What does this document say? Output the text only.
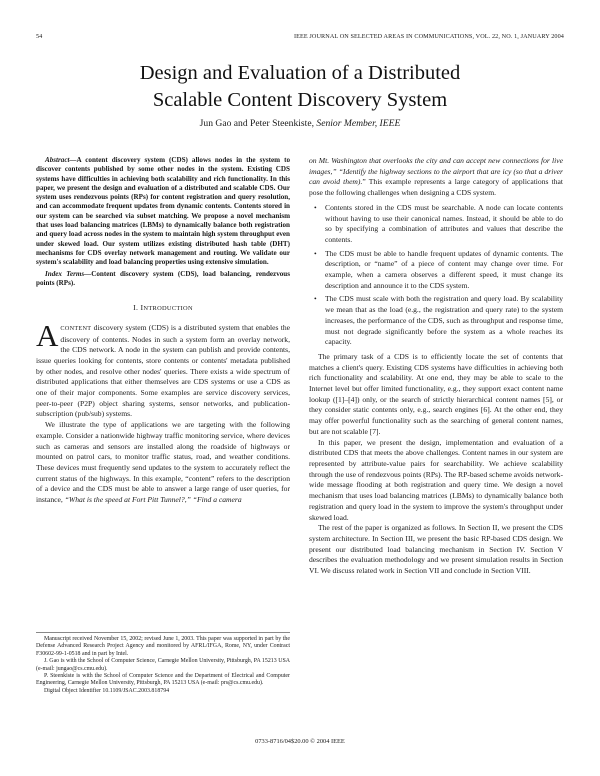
54	IEEE JOURNAL ON SELECTED AREAS IN COMMUNICATIONS, VOL. 22, NO. 1, JANUARY 2004
Design and Evaluation of a Distributed
Scalable Content Discovery System
Jun Gao and Peter Steenkiste, Senior Member, IEEE

Abstract—A content discovery system (CDS) allows nodes in the system to discover contents published by some other nodes in the system. Existing CDS systems have difficulties in achieving both scalability and rich functionality. In this paper, we present the design and evaluation of a distributed and scalable CDS. Our system uses rendezvous points (RPs) for content registration and query resolution, and can accommodate frequent updates from dynamic contents. Contents stored in our system can be searched via subset matching. We propose a novel mechanism that uses load balancing matrices (LBMs) to dynamically balance both registration and query load across nodes in the system to maintain high system throughput even under skewed load. Our system utilizes existing distributed hash table (DHT) mechanisms for CDS overlay network management and routing. We validate our system's scalability and load balancing properties using extensive simulation.

Index Terms—Content discovery system (CDS), load balancing, rendezvous points (RPs).

I. INTRODUCTION

ACONTENT discovery system (CDS) is a distributed system that enables the discovery of contents. Nodes in such a system form an overlay network, the CDS network. A node in the system can publish and provide contents, issue queries looking for contents, store contents or contents' metadata published by other nodes, and resolve other nodes' queries. There exists a wide spectrum of distributed applications that either themselves are CDS systems or use a CDS as one of their major components. Some examples are service discovery services, peer-to-peer (P2P) object sharing systems, sensor networks, and publication-subscription (pub/sub) systems.

We illustrate the type of applications we are targeting with the following example. Consider a nationwide highway traffic monitoring service, where devices such as cameras and sensors are installed along the roadside of highways or mounted on patrol cars, to monitor traffic status, road, and weather conditions. These devices must frequently send updates to the system to accurately reflect the current status of the highways. In this example, “content” refers to the description of a device and the CDS must be able to answer a large range of user queries, for instance, “What is the speed at Fort Pitt Tunnel?,” “Find a camera

Manuscript received November 15, 2002; revised June 1, 2003. This paper was supported in part by the Defense Advanced Research Project Agency and monitored by AFRL/IFGA, Rome, NY, under Contract F30602-99-1-0518 and in part by Intel.

J. Gao is with the School of Computer Science, Carnegie Mellon University, Pittsburgh, PA 15213 USA (e-mail: jungao@cs.cmu.edu).

P. Steenkiste is with the School of Computer Science and the Department of Electrical and Computer Engineering, Carnegie Mellon University, Pittsburgh, PA 15213 USA (e-mail: prs@cs.cmu.edu).

Digital Object Identifier 10.1109/JSAC.2003.818794

on Mt. Washington that overlooks the city and can accept new connections for live images,” “Identify the highway sections to the airport that are icy (so that a driver can avoid them).” This example represents a large category of applications that pose the following challenges when designing a CDS system.

• Contents stored in the CDS must be searchable. A node can locate contents without having to use their canonical names. Instead, it should be able to do so by specifying a combination of attributes and values that describe the contents.
• The CDS must be able to handle frequent updates of dynamic contents. The description, or “name” of a piece of content may change over time. For example, when a camera observes a different speed, it must change its description and announce it to the CDS system.
• The CDS must scale with both the registration and query load. By scalability we mean that as the load (e.g., the registration and query rate) to the system increases, the performance of the CDS, such as throughput and response time, must not degrade significantly before the system as a whole reaches its capacity.

The primary task of a CDS is to efficiently locate the set of contents that matches a client's query. Existing CDS systems have difficulties in achieving both rich functionality and scalability. At one end, they may be able to scale to the Internet level but offer limited functionality, e.g., they support exact content name lookup ([1]–[4]) only, or the search of strictly hierarchical content names [5], or they consider static contents only, e.g., search engines [6]. At the other end, they may offer powerful functionality such as the searching of general content names, but are not scalable [7].

In this paper, we present the design, implementation and evaluation of a distributed CDS that meets the above challenges. Content names in our system are represented by attribute-value pairs for searchability. We achieve scalability through the use of rendezvous points (RPs). The RP-based scheme avoids network-wide message flooding at both registration and query time. We design a novel mechanism that uses load balancing matrices (LBMs) to dynamically balance both registration and query load in the system to improve the system's throughput under skewed load.

The rest of the paper is organized as follows. In Section II, we present the CDS system architecture. In Section III, we present the basic RP-based CDS design. We present our distributed load balancing mechanism in Section IV. Section V describes the evaluation methodology and we present simulation results in Section VI. We discuss related work in Section VII and conclude in Section VIII.

0733-8716/04$20.00 © 2004 IEEE
